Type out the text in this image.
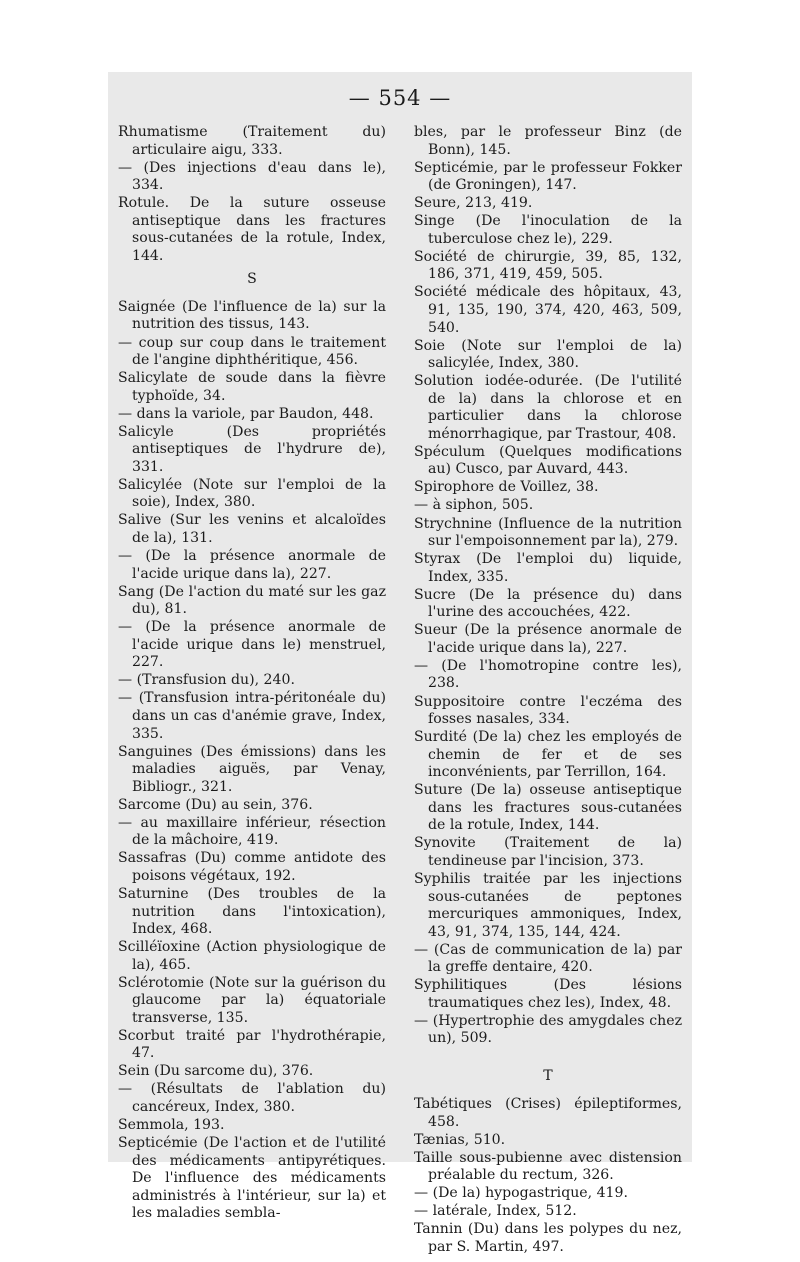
— 554 —

Rhumatisme (Traitement du) articulaire aigu, 333.

— (Des injections d'eau dans le), 334.

Rotule. De la suture osseuse antiseptique dans les fractures sous-cutanées de la rotule, Index, 144.

S

Saignée (De l'influence de la) sur la nutrition des tissus, 143.

— coup sur coup dans le traitement de l'angine diphthéritique, 456.

Salicylate de soude dans la fièvre typhoïde, 34.

— dans la variole, par Baudon, 448.

Salicyle (Des propriétés antiseptiques de l'hydrure de), 331.

Salicylée (Note sur l'emploi de la soie), Index, 380.

Salive (Sur les venins et alcaloïdes de la), 131.

— (De la présence anormale de l'acide urique dans la), 227.

Sang (De l'action du maté sur les gaz du), 81.

— (De la présence anormale de l'acide urique dans le) menstruel, 227.

— (Transfusion du), 240.

— (Transfusion intra-péritonéale du) dans un cas d'anémie grave, Index, 335.

Sanguines (Des émissions) dans les maladies aiguës, par Venay, Bibliogr., 321.

Sarcome (Du) au sein, 376.

— au maxillaire inférieur, résection de la mâchoire, 419.

Sassafras (Du) comme antidote des poisons végétaux, 192.

Saturnine (Des troubles de la nutrition dans l'intoxication), Index, 468.

Scilléïoxine (Action physiologique de la), 465.

Sclérotomie (Note sur la guérison du glaucome par la) équatoriale transverse, 135.

Scorbut traité par l'hydrothérapie, 47.

Sein (Du sarcome du), 376.

— (Résultats de l'ablation du) cancéreux, Index, 380.

Semmola, 193.

Septicémie (De l'action et de l'utilité des médicaments antipyrétiques. De l'influence des médicaments administrés à l'intérieur, sur la) et les maladies sembla-

bles, par le professeur Binz (de Bonn), 145.

Septicémie, par le professeur Fokker (de Groningen), 147.

Seure, 213, 419.

Singe (De l'inoculation de la tuberculose chez le), 229.

Société de chirurgie, 39, 85, 132, 186, 371, 419, 459, 505.

Société médicale des hôpitaux, 43, 91, 135, 190, 374, 420, 463, 509, 540.

Soie (Note sur l'emploi de la) salicylée, Index, 380.

Solution iodée-odurée. (De l'utilité de la) dans la chlorose et en particulier dans la chlorose ménorrhagique, par Trastour, 408.

Spéculum (Quelques modifications au) Cusco, par Auvard, 443.

Spirophore de Voillez, 38.

— à siphon, 505.

Strychnine (Influence de la nutrition sur l'empoisonnement par la), 279.

Styrax (De l'emploi du) liquide, Index, 335.

Sucre (De la présence du) dans l'urine des accouchées, 422.

Sueur (De la présence anormale de l'acide urique dans la), 227.

— (De l'homotropine contre les), 238.

Suppositoire contre l'eczéma des fosses nasales, 334.

Surdité (De la) chez les employés de chemin de fer et de ses inconvénients, par Terrillon, 164.

Suture (De la) osseuse antiseptique dans les fractures sous-cutanées de la rotule, Index, 144.

Synovite (Traitement de la) tendineuse par l'incision, 373.

Syphilis traitée par les injections sous-cutanées de peptones mercuriques ammoniques, Index, 43, 91, 374, 135, 144, 424.

— (Cas de communication de la) par la greffe dentaire, 420.

Syphilitiques (Des lésions traumatiques chez les), Index, 48.

— (Hypertrophie des amygdales chez un), 509.

T

Tabétiques (Crises) épileptiformes, 458.

Tænias, 510.

Taille sous-pubienne avec distension préalable du rectum, 326.

— (De la) hypogastrique, 419.

— latérale, Index, 512.

Tannin (Du) dans les polypes du nez, par S. Martin, 497.
